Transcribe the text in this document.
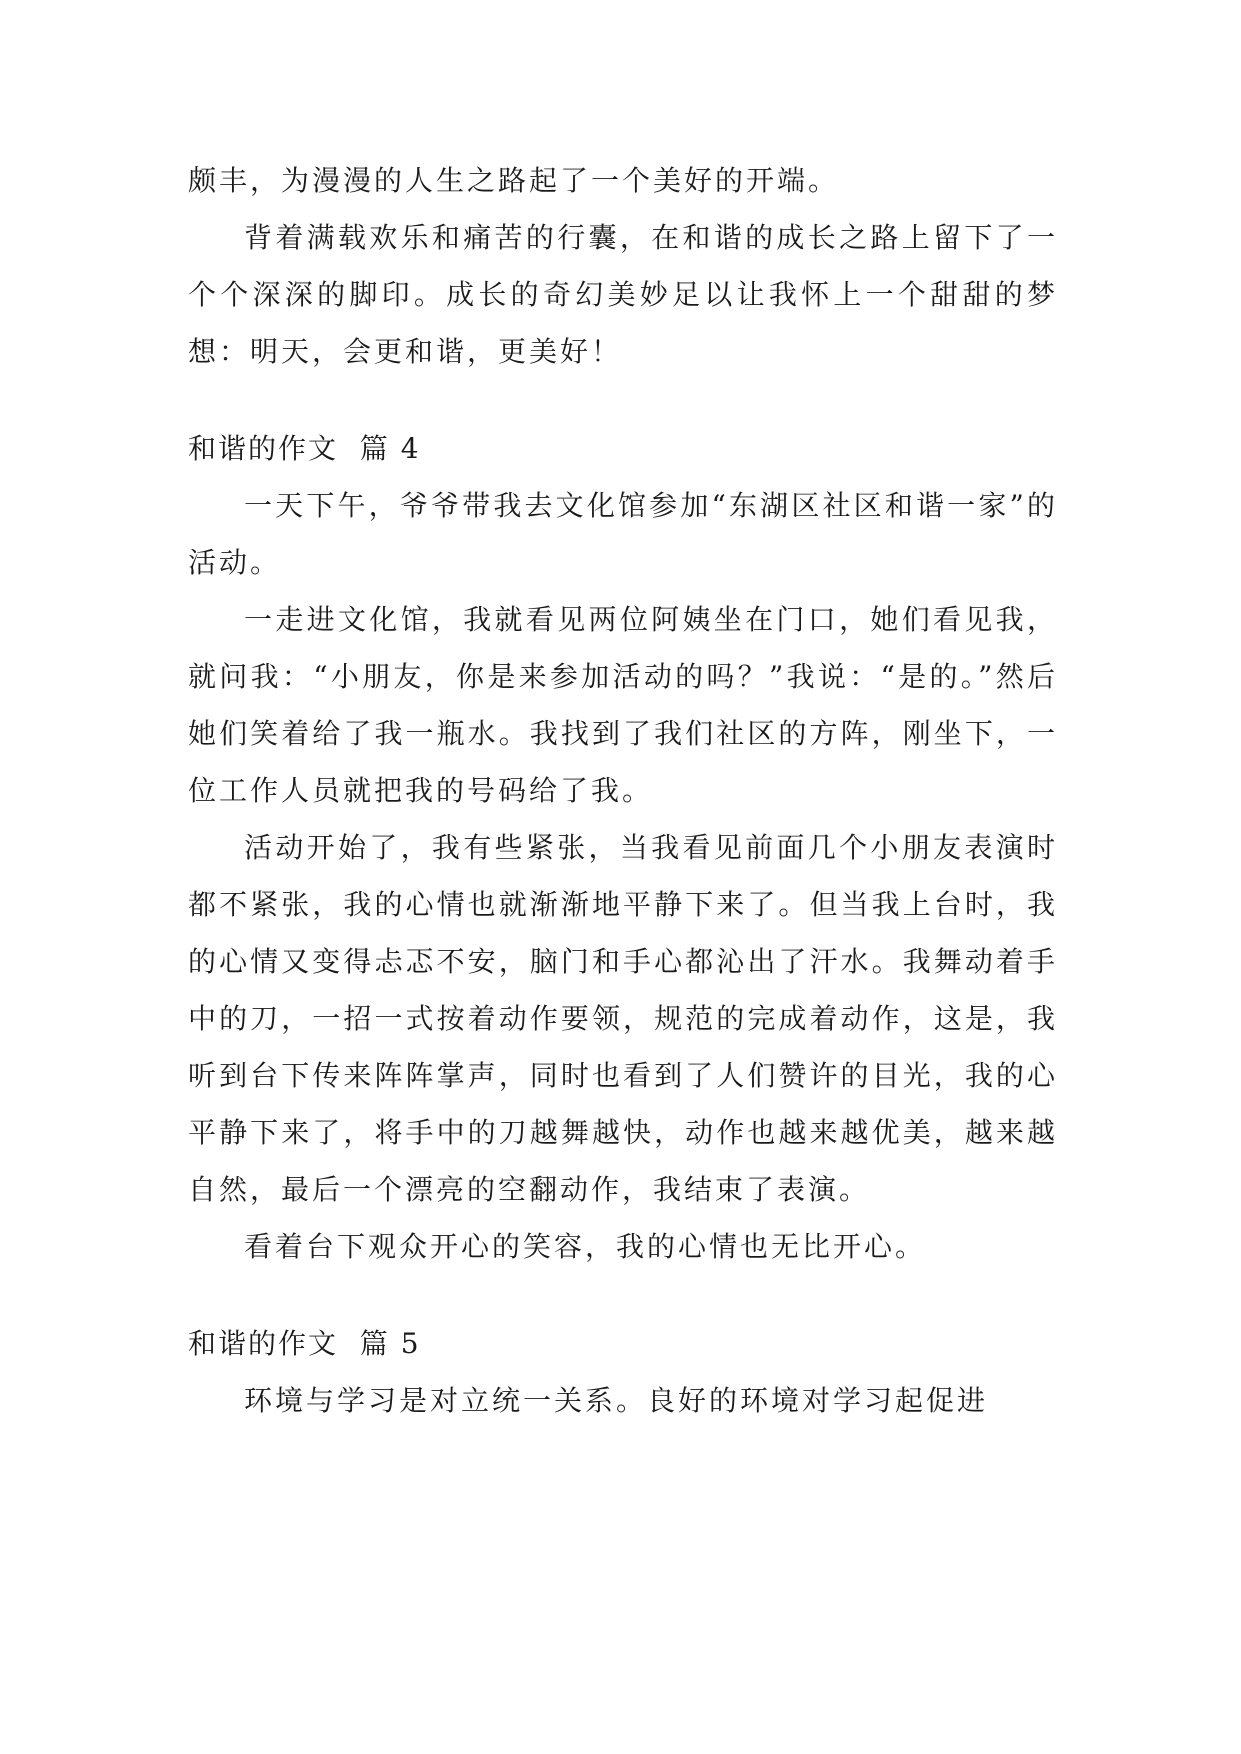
颇丰，为漫漫的人生之路起了一个美好的开端。

背着满载欢乐和痛苦的行囊，在和谐的成长之路上留下了一个个深深的脚印。成长的奇幻美妙足以让我怀上一个甜甜的梦想：明天，会更和谐，更美好！

和谐的作文  篇 4

一天下午，爷爷带我去文化馆参加“东湖区社区和谐一家”的活动。

一走进文化馆，我就看见两位阿姨坐在门口，她们看见我，就问我：“小朋友，你是来参加活动的吗？”我说：“是的。”然后她们笑着给了我一瓶水。我找到了我们社区的方阵，刚坐下，一位工作人员就把我的号码给了我。

活动开始了，我有些紧张，当我看见前面几个小朋友表演时都不紧张，我的心情也就渐渐地平静下来了。但当我上台时，我的心情又变得忐忑不安，脑门和手心都沁出了汗水。我舞动着手中的刀，一招一式按着动作要领，规范的完成着动作，这是，我听到台下传来阵阵掌声，同时也看到了人们赞许的目光，我的心平静下来了，将手中的刀越舞越快，动作也越来越优美，越来越自然，最后一个漂亮的空翻动作，我结束了表演。

看着台下观众开心的笑容，我的心情也无比开心。

和谐的作文  篇 5

环境与学习是对立统一关系。良好的环境对学习起促进
